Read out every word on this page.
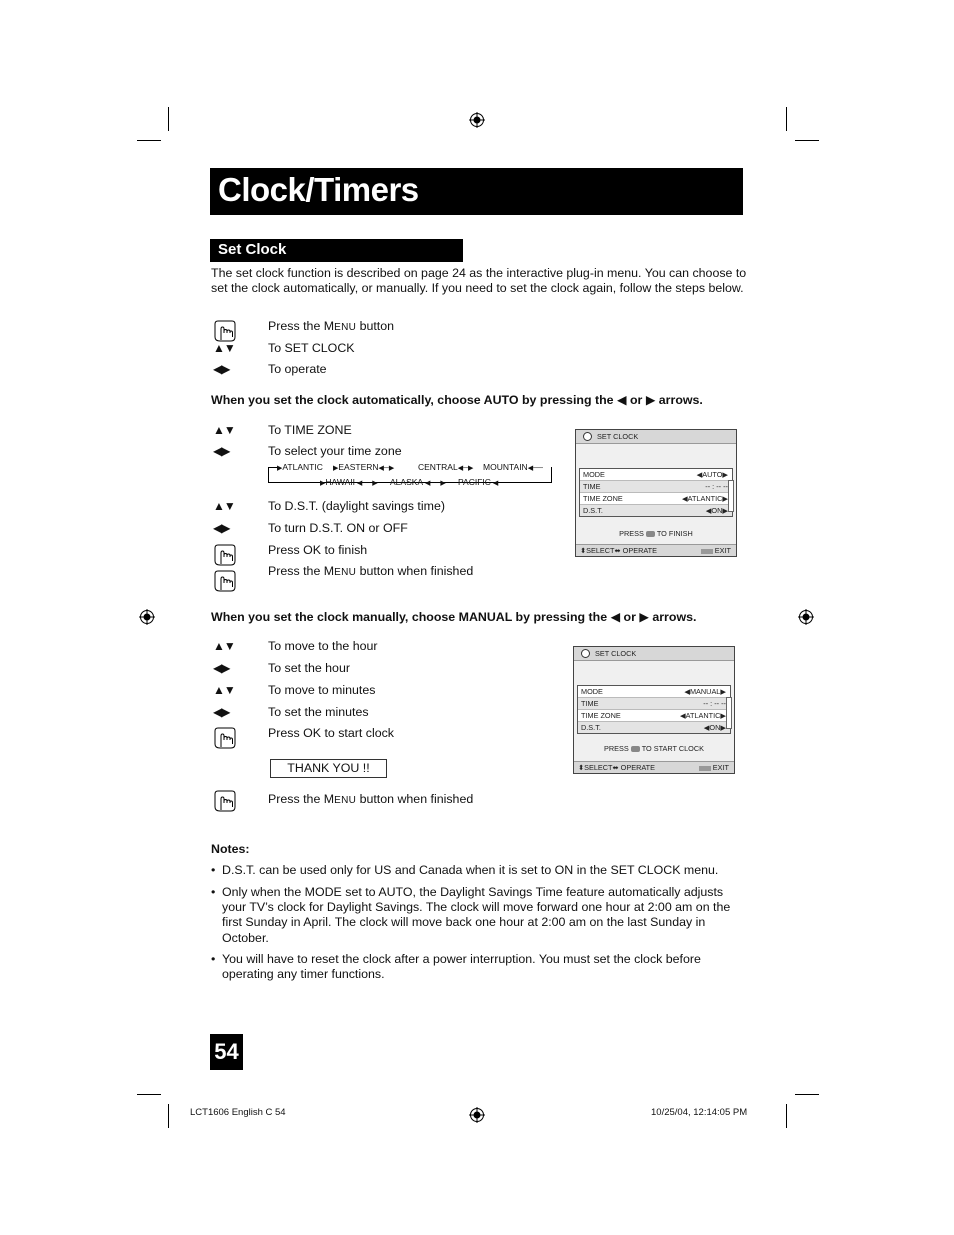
Clock/Timers
Set Clock
The set clock function is described on page 24 as the interactive plug-in menu. You can choose to set the clock automatically, or manually. If you need to set the clock again, follow the steps below.
Press the MENU button
▲▼	To SET CLOCK
◀▶	To operate
When you set the clock automatically, choose AUTO by pressing the ◀ or ▶ arrows.
▲▼	To TIME ZONE
◀▶	To select your time zone
▶ATLANTIC ▶EASTERN◀─▶	CENTRAL◀─▶ MOUNTAIN◀──
▶HAWAII ◀──▶ ALASKA ◀──▶ PACIFIC ◀
▲▼	To D.S.T. (daylight savings time)
◀▶	To turn D.S.T. ON or OFF
Press OK to finish
Press the MENU button when finished
SET CLOCK
MODE	◀AUTO▶
TIME	-- : -- --
TIME ZONE	◀ATLANTIC▶
D.S.T.	◀ON▶
PRESS TO FINISH
⬍SELECT⬌ OPERATE	EXIT
When you set the clock manually, choose MANUAL by pressing the ◀ or ▶ arrows.
▲▼	To move to the hour
◀▶	To set the hour
▲▼	To move to minutes
◀▶	To set the minutes
Press OK to start clock
THANK YOU !!
SET CLOCK
MODE	◀MANUAL▶
TIME	-- : -- --
TIME ZONE	◀ATLANTIC▶
D.S.T.	◀ON▶
PRESS TO START CLOCK
⬍SELECT⬌ OPERATE	EXIT
Press the MENU button when finished
Notes:
• D.S.T. can be used only for US and Canada when it is set to ON in the SET CLOCK menu.
• Only when the MODE set to AUTO, the Daylight Savings Time feature automatically adjusts your TV’s clock for Daylight Savings. The clock will move forward one hour at 2:00 am on the first Sunday in April. The clock will move back one hour at 2:00 am on the last Sunday in October.
• You will have to reset the clock after a power interruption. You must set the clock before operating any timer functions.
54
LCT1606 English C 54	10/25/04, 12:14:05 PM
